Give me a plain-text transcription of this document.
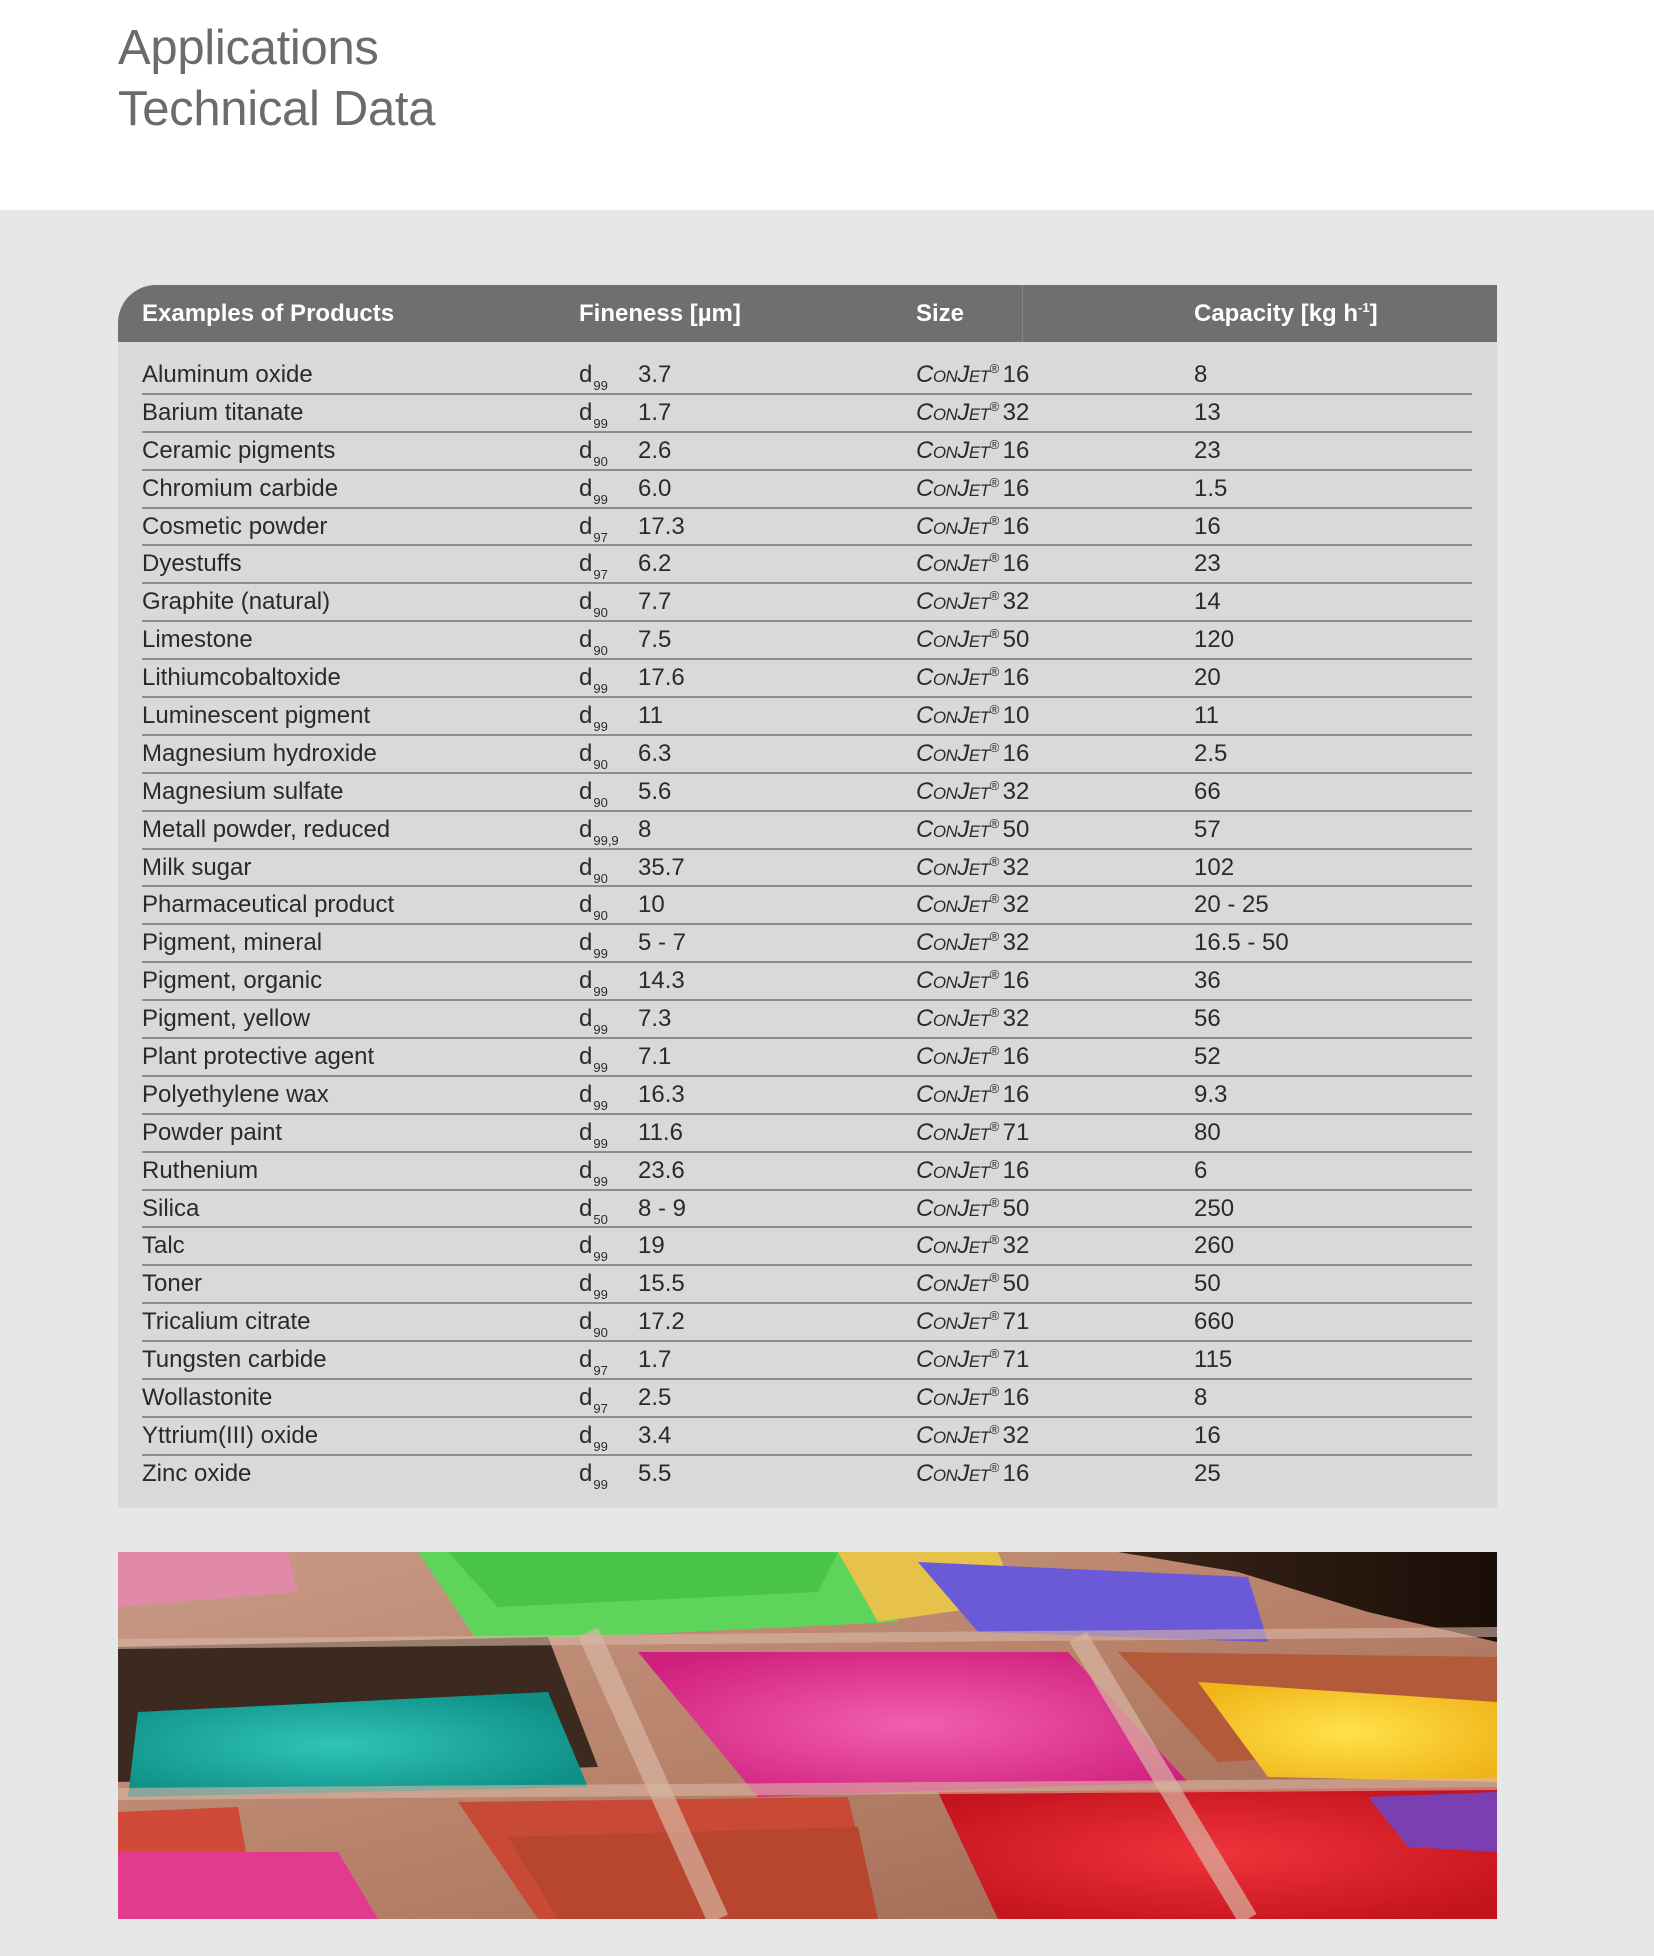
Applications
Technical Data
Examples of Products	Fineness [µm]	Size	Capacity [kg $h^{-1}$]
Aluminum oxide	$d_{99}$ 3.7	ConJet® 16	8
Barium titanate	$d_{99}$ 1.7	ConJet® 32	13
Ceramic pigments	$d_{90}$ 2.6	ConJet® 16	23
Chromium carbide	$d_{99}$ 6.0	ConJet® 16	1.5
Cosmetic powder	$d_{97}$ 17.3	ConJet® 16	16
Dyestuffs	$d_{97}$ 6.2	ConJet® 16	23
Graphite (natural)	$d_{90}$ 7.7	ConJet® 32	14
Limestone	$d_{90}$ 7.5	ConJet® 50	120
Lithiumcobaltoxide	$d_{99}$ 17.6	ConJet® 16	20
Luminescent pigment	$d_{99}$ 11	ConJet® 10	11
Magnesium hydroxide	$d_{90}$ 6.3	ConJet® 16	2.5
Magnesium sulfate	$d_{90}$ 5.6	ConJet® 32	66
Metall powder, reduced	$d_{99,9}$ 8	ConJet® 50	57
Milk sugar	$d_{90}$ 35.7	ConJet® 32	102
Pharmaceutical product	$d_{90}$ 10	ConJet® 32	20 - 25
Pigment, mineral	$d_{99}$ 5 - 7	ConJet® 32	16.5 - 50
Pigment, organic	$d_{99}$ 14.3	ConJet® 16	36
Pigment, yellow	$d_{99}$ 7.3	ConJet® 32	56
Plant protective agent	$d_{99}$ 7.1	ConJet® 16	52
Polyethylene wax	$d_{99}$ 16.3	ConJet® 16	9.3
Powder paint	$d_{99}$ 11.6	ConJet® 71	80
Ruthenium	$d_{99}$ 23.6	ConJet® 16	6
Silica	$d_{50}$ 8 - 9	ConJet® 50	250
Talc	$d_{99}$ 19	ConJet® 32	260
Toner	$d_{99}$ 15.5	ConJet® 50	50
Tricalium citrate	$d_{90}$ 17.2	ConJet® 71	660
Tungsten carbide	$d_{97}$ 1.7	ConJet® 71	115
Wollastonite	$d_{97}$ 2.5	ConJet® 16	8
Yttrium(III) oxide	$d_{99}$ 3.4	ConJet® 32	16
Zinc oxide	$d_{99}$ 5.5	ConJet® 16	25
